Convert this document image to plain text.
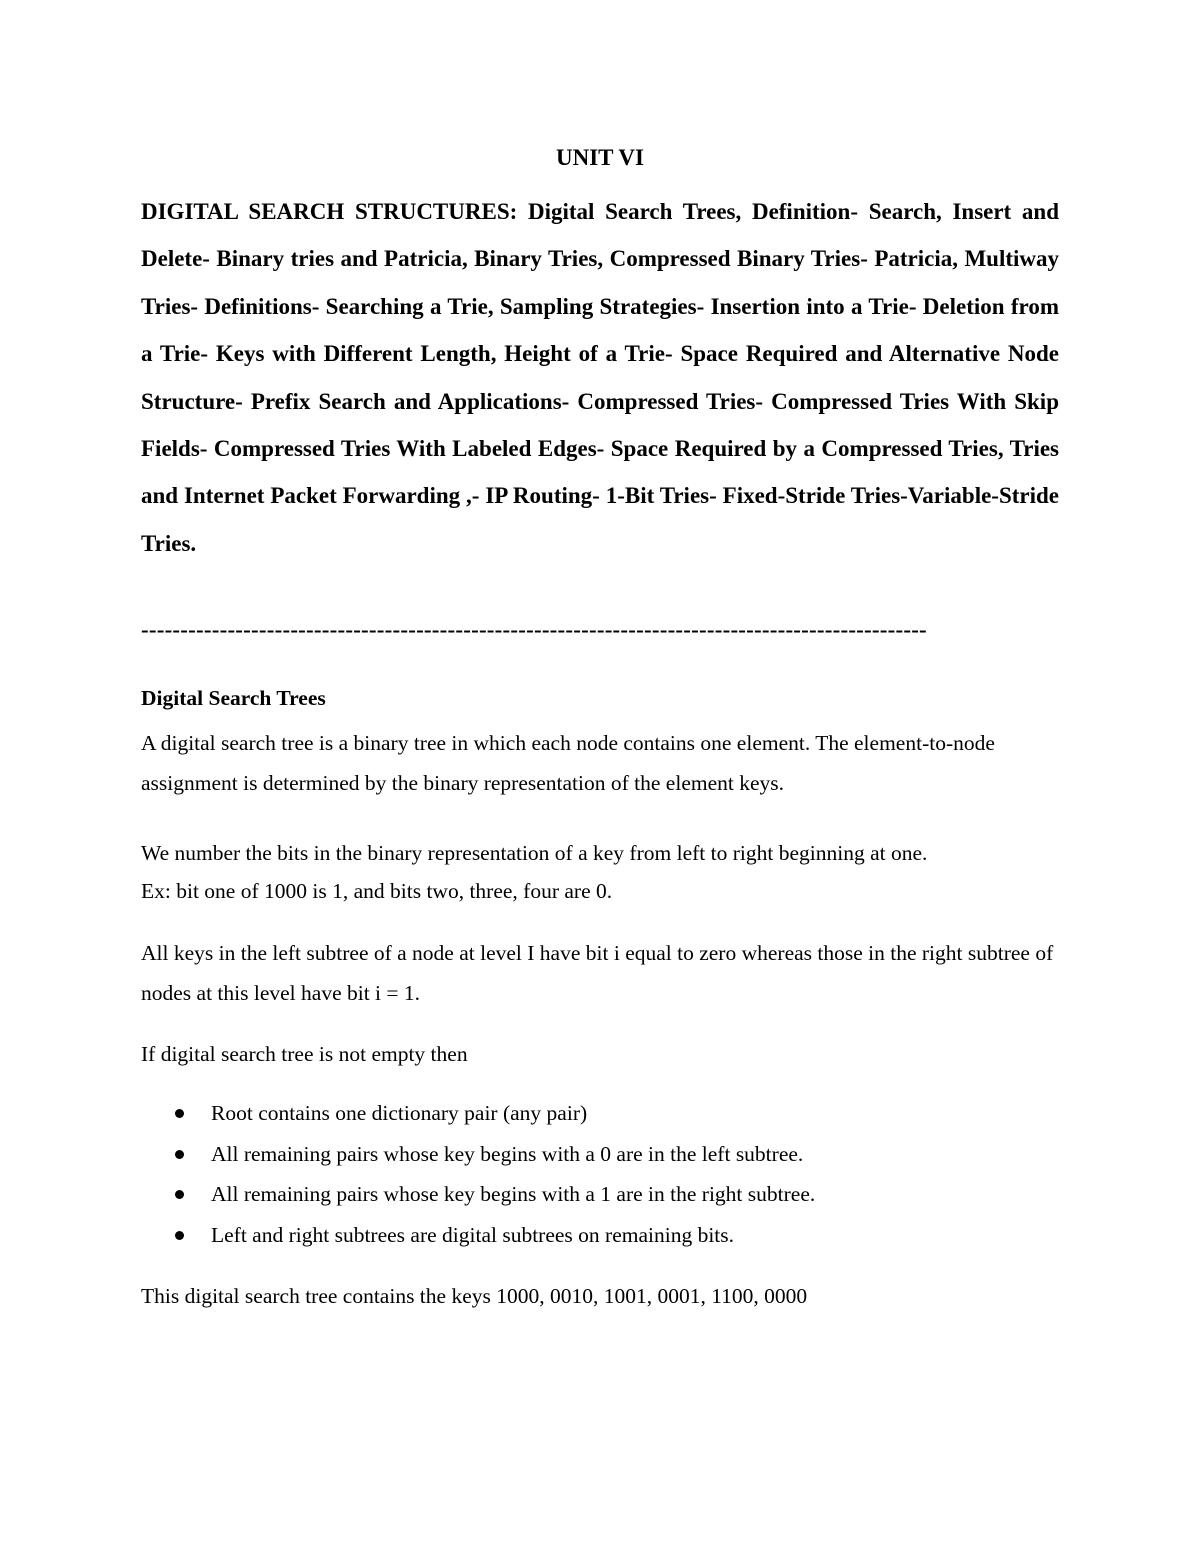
UNIT VI
DIGITAL SEARCH STRUCTURES: Digital Search Trees, Definition- Search, Insert and Delete- Binary tries and Patricia, Binary Tries, Compressed Binary Tries- Patricia, Multiway Tries- Definitions- Searching a Trie, Sampling Strategies- Insertion into a Trie- Deletion from a Trie- Keys with Different Length, Height of a Trie- Space Required and Alternative Node Structure- Prefix Search and Applications- Compressed Tries- Compressed Tries With Skip Fields- Compressed Tries With Labeled Edges- Space Required by a Compressed Tries, Tries and Internet Packet Forwarding ,- IP Routing- 1-Bit Tries- Fixed-Stride Tries-Variable-Stride Tries.
----------------------------------------------------------------------------------------------------
Digital Search Trees

A digital search tree is a binary tree in which each node contains one element. The element-to-node assignment is determined by the binary representation of the element keys.

We number the bits in the binary representation of a key from left to right beginning at one.
Ex: bit one of 1000 is 1, and bits two, three, four are 0.

All keys in the left subtree of a node at level I have bit i equal to zero whereas those in the right subtree of nodes at this level have bit i = 1.

If digital search tree is not empty then

Root contains one dictionary pair (any pair)
All remaining pairs whose key begins with a 0 are in the left subtree.
All remaining pairs whose key begins with a 1 are in the right subtree.
Left and right subtrees are digital subtrees on remaining bits.

This digital search tree contains the keys 1000, 0010, 1001, 0001, 1100, 0000
